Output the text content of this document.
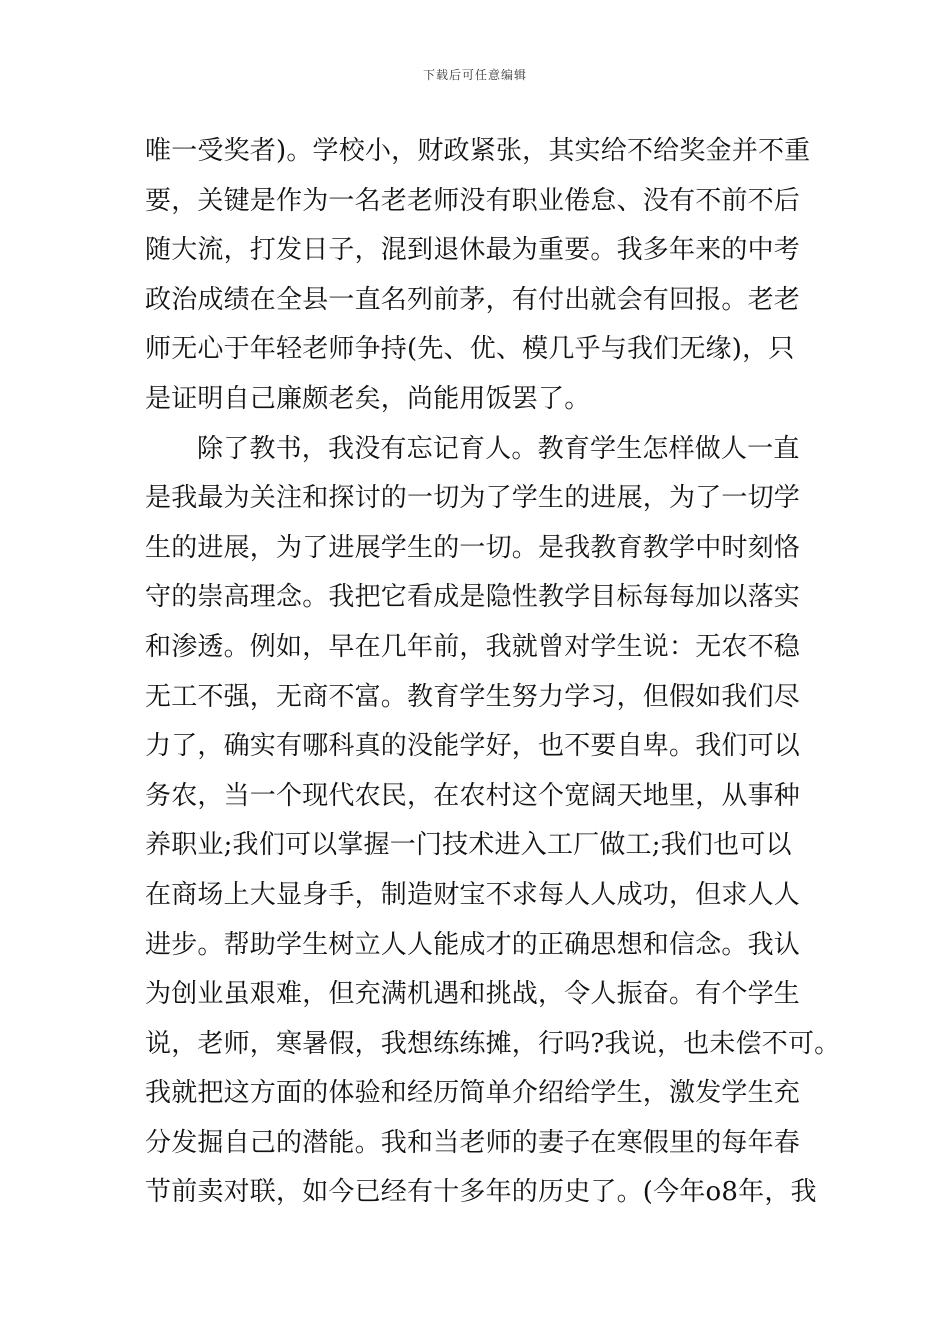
下载后可任意编辑
唯一受奖者)。学校小，财政紧张，其实给不给奖金并不重
要，关键是作为一名老老师没有职业倦怠、没有不前不后
随大流，打发日子，混到退休最为重要。我多年来的中考
政治成绩在全县一直名列前茅，有付出就会有回报。老老
师无心于年轻老师争持(先、优、模几乎与我们无缘)，只
是证明自己廉颇老矣，尚能用饭罢了。
除了教书，我没有忘记育人。教育学生怎样做人一直
是我最为关注和探讨的一切为了学生的进展，为了一切学
生的进展，为了进展学生的一切。是我教育教学中时刻恪
守的崇高理念。我把它看成是隐性教学目标每每加以落实
和渗透。例如，早在几年前，我就曾对学生说：无农不稳
无工不强，无商不富。教育学生努力学习，但假如我们尽
力了，确实有哪科真的没能学好，也不要自卑。我们可以
务农，当一个现代农民，在农村这个宽阔天地里，从事种
养职业;我们可以掌握一门技术进入工厂做工;我们也可以
在商场上大显身手，制造财宝不求每人人成功，但求人人
进步。帮助学生树立人人能成才的正确思想和信念。我认
为创业虽艰难，但充满机遇和挑战，令人振奋。有个学生
说，老师，寒暑假，我想练练摊，行吗?我说，也未偿不可。
我就把这方面的体验和经历简单介绍给学生，激发学生充
分发掘自己的潜能。我和当老师的妻子在寒假里的每年春
节前卖对联，如今已经有十多年的历史了。(今年o8年，我
